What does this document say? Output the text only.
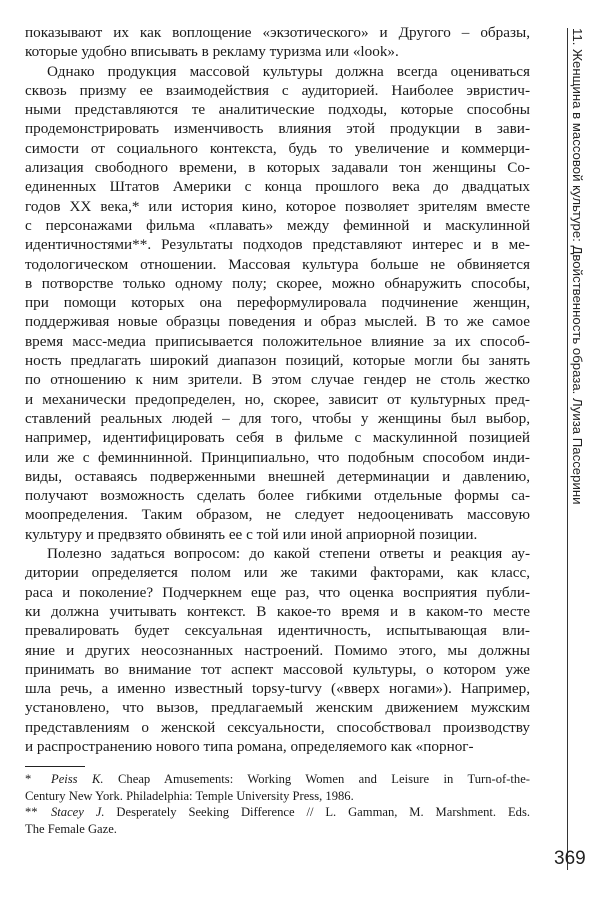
показывают их как воплощение «экзотического» и Другого – образы,
которые удобно вписывать в рекламу туризма или «look».
Однако продукция массовой культуры должна всегда оцениваться
сквозь призму ее взаимодействия с аудиторией. Наиболее эвристич-
ными представляются те аналитические подходы, которые способны
продемонстрировать изменчивость влияния этой продукции в зави-
симости от социального контекста, будь то увеличение и коммерци-
ализация свободного времени, в которых задавали тон женщины Со-
единенных Штатов Америки с конца прошлого века до двадцатых
годов XX века,* или история кино, которое позволяет зрителям вместе
с персонажами фильма «плавать» между феминной и маскулинной
идентичностями**. Результаты подходов представляют интерес и в ме-
тодологическом отношении. Массовая культура больше не обвиняется
в потворстве только одному полу; скорее, можно обнаружить способы,
при помощи которых она переформулировала подчинение женщин,
поддерживая новые образцы поведения и образ мыслей. В то же самое
время масс-медиа приписывается положительное влияние за их способ-
ность предлагать широкий диапазон позиций, которые могли бы занять
по отношению к ним зрители. В этом случае гендер не столь жестко
и механически предопределен, но, скорее, зависит от культурных пред-
ставлений реальных людей – для того, чтобы у женщины был выбор,
например, идентифицировать себя в фильме с маскулинной позицией
или же с феминнинной. Принципиально, что подобным способом инди-
виды, оставаясь подверженными внешней детерминации и давлению,
получают возможность сделать более гибкими отдельные формы са-
моопределения. Таким образом, не следует недооценивать массовую
культуру и предвзято обвинять ее с той или иной априорной позиции.
Полезно задаться вопросом: до какой степени ответы и реакция ау-
дитории определяется полом или же такими факторами, как класс,
раса и поколение? Подчеркнем еще раз, что оценка восприятия публи-
ки должна учитывать контекст. В какое-то время и в каком-то месте
превалировать будет сексуальная идентичность, испытывающая вли-
яние и других неосознанных настроений. Помимо этого, мы должны
принимать во внимание тот аспект массовой культуры, о котором уже
шла речь, а именно известный topsy-turvy («вверх ногами»). Например,
установлено, что вызов, предлагаемый женским движением мужским
представлениям о женской сексуальности, способствовал производству
и распространению нового типа романа, определяемого как «порног-
* Peiss K. Cheap Amusements: Working Women and Leisure in Turn-of-the-
Century New York. Philadelphia: Temple University Press, 1986.
** Stacey J. Desperately Seeking Difference // L. Gamman, M. Marshment. Eds.
The Female Gaze.
11. Женщина в массовой культуре: Двойственность образа. Луиза Пассерини
369
